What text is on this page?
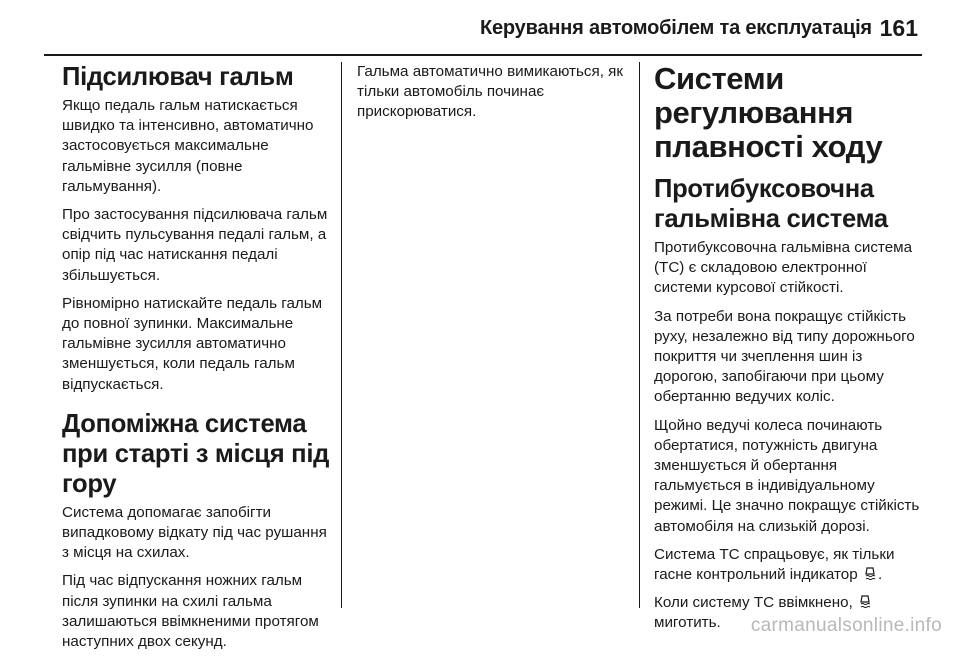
Керування автомобілем та експлуатація 161
Підсилювач гальм

Якщо педаль гальм натискається швидко та інтенсивно, автоматично застосовується максимальне гальмівне зусилля (повне гальмування).

Про застосування підсилювача гальм свідчить пульсування педалі гальм, а опір під час натискання педалі збільшується.

Рівномірно натискайте педаль гальм до повної зупинки. Максимальне гальмівне зусилля автоматично зменшується, коли педаль гальм відпускається.

Допоміжна система при старті з місця під гору

Система допомагає запобігти випадковому відкату під час рушання з місця на схилах.

Під час відпускання ножних гальм після зупинки на схилі гальма залишаються ввімкненими протягом наступних двох секунд.

Гальма автоматично вимикаються, як тільки автомобіль починає прискорюватися.

Системи регулювання плавності ходу
Протибуксовочна гальмівна система

Протибуксовочна гальмівна система (TC) є складовою електронної системи курсової стійкості.

За потреби вона покращує стійкість руху, незалежно від типу дорожнього покриття чи зчеплення шин із дорогою, запобігаючи при цьому обертанню ведучих коліс.

Щойно ведучі колеса починають обертатися, потужність двигуна зменшується й обертання гальмується в індивідуальному режимі. Це значно покращує стійкість автомобіля на слизькій дорозі.

Система TC спрацьовує, як тільки гасне контрольний індикатор .

Коли систему TC ввімкнено,
миготить.	carmanualsonline.info
